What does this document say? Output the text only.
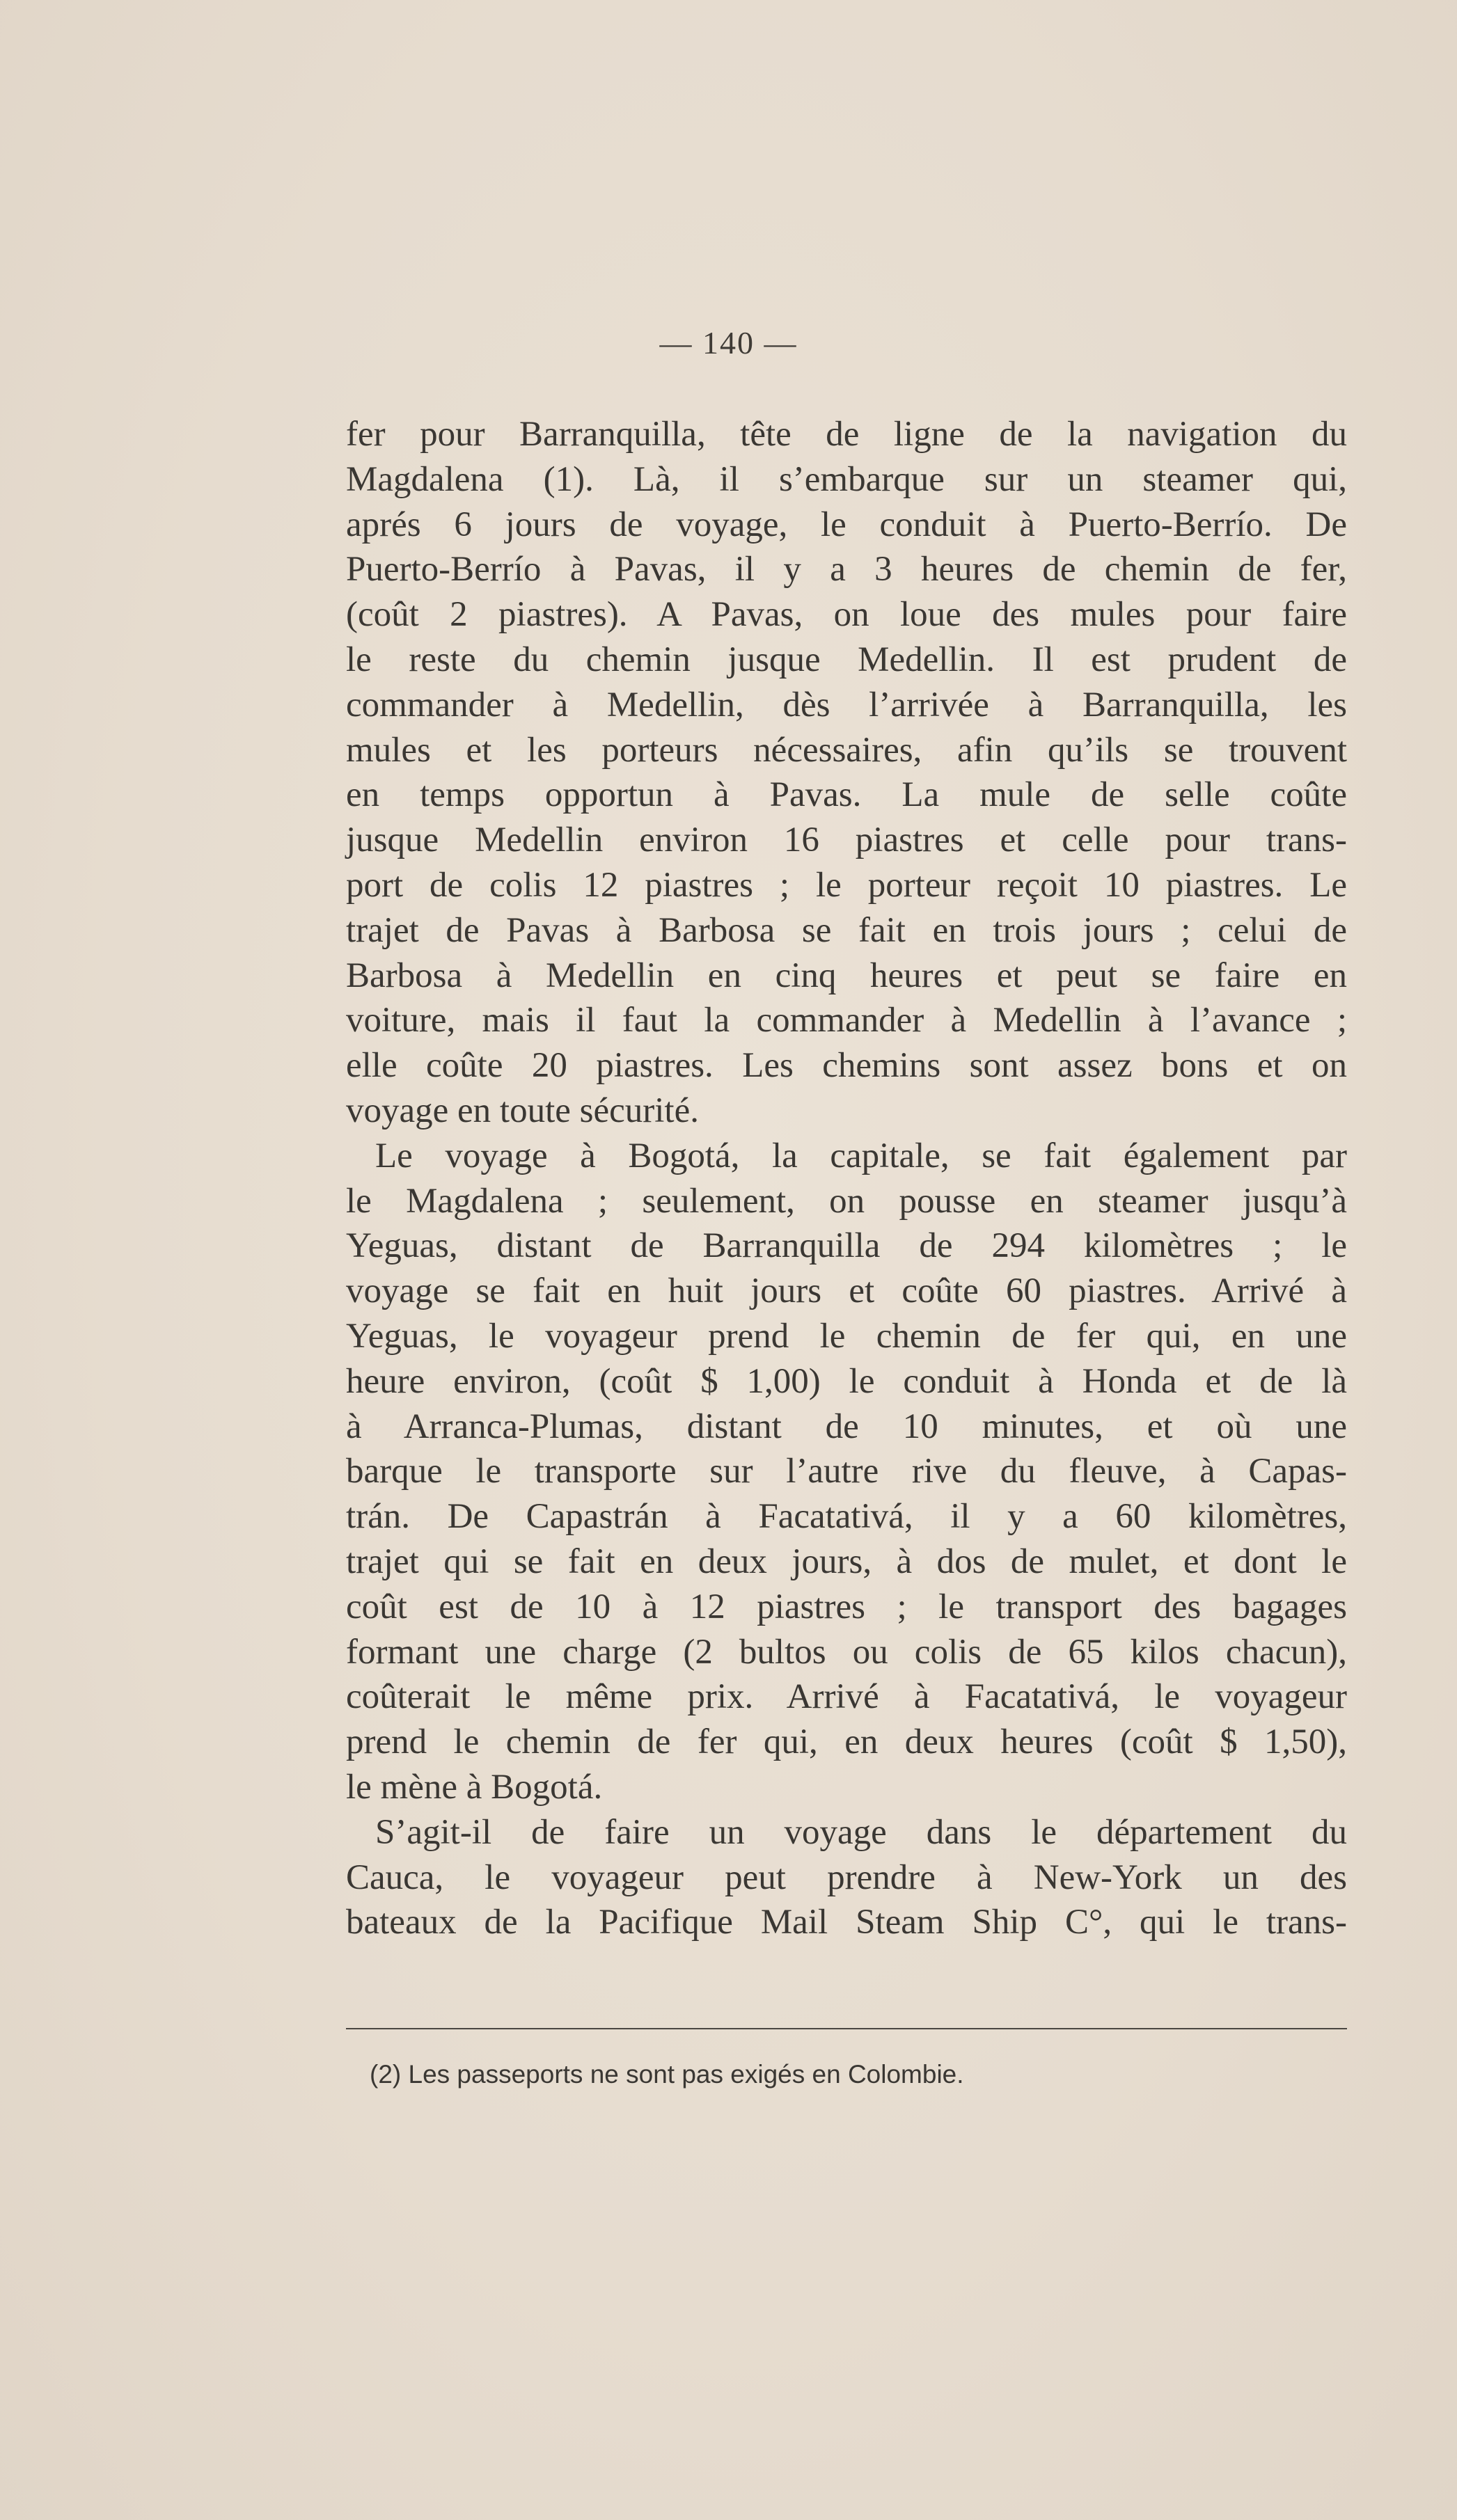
— 140 —
fer pour Barranquilla, tête de ligne de la navigation du
Magdalena (1). Là, il s’embarque sur un steamer qui,
aprés 6 jours de voyage, le conduit à Puerto-Berrío. De
Puerto-Berrío à Pavas, il y a 3 heures de chemin de fer,
(coût 2 piastres). A Pavas, on loue des mules pour faire
le reste du chemin jusque Medellin. Il est prudent de
commander à Medellin, dès l’arrivée à Barranquilla, les
mules et les porteurs nécessaires, afin qu’ils se trouvent
en temps opportun à Pavas. La mule de selle coûte
jusque Medellin environ 16 piastres et celle pour trans-
port de colis 12 piastres ; le porteur reçoit 10 piastres. Le
trajet de Pavas à Barbosa se fait en trois jours ; celui de
Barbosa à Medellin en cinq heures et peut se faire en
voiture, mais il faut la commander à Medellin à l’avance ;
elle coûte 20 piastres. Les chemins sont assez bons et on
voyage en toute sécurité.
Le voyage à Bogotá, la capitale, se fait également par
le Magdalena ; seulement, on pousse en steamer jusqu’à
Yeguas, distant de Barranquilla de 294 kilomètres ; le
voyage se fait en huit jours et coûte 60 piastres. Arrivé à
Yeguas, le voyageur prend le chemin de fer qui, en une
heure environ, (coût $ 1,00) le conduit à Honda et de là
à Arranca-Plumas, distant de 10 minutes, et où une
barque le transporte sur l’autre rive du fleuve, à Capas-
trán. De Capastrán à Facatativá, il y a 60 kilomètres,
trajet qui se fait en deux jours, à dos de mulet, et dont le
coût est de 10 à 12 piastres ; le transport des bagages
formant une charge (2 bultos ou colis de 65 kilos chacun),
coûterait le même prix. Arrivé à Facatativá, le voyageur
prend le chemin de fer qui, en deux heures (coût $ 1,50),
le mène à Bogotá.
S’agit-il de faire un voyage dans le département du
Cauca, le voyageur peut prendre à New-York un des
bateaux de la Pacifique Mail Steam Ship C°, qui le trans-
(2) Les passeports ne sont pas exigés en Colombie.
